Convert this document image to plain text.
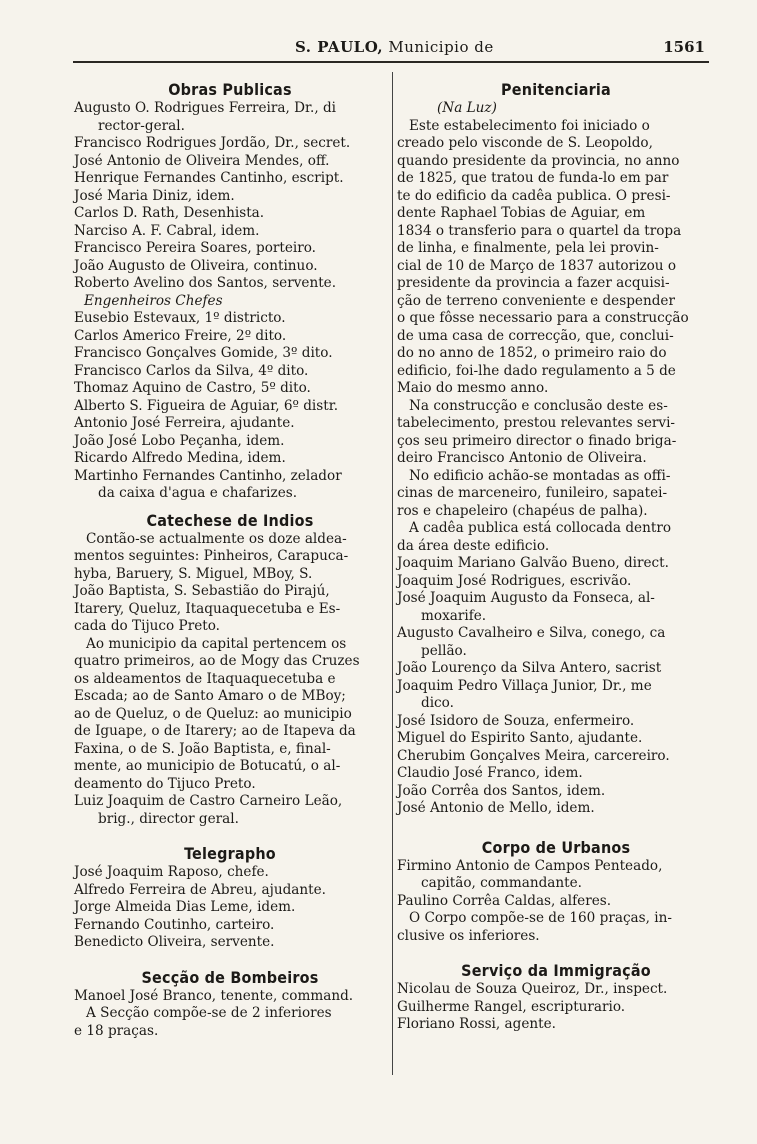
S. PAULO, Municipio de	1561
Obras Publicas
Augusto O. Rodrigues Ferreira, Dr., di
rector-geral.
Francisco Rodrigues Jordão, Dr., secret.
José Antonio de Oliveira Mendes, off.
Henrique Fernandes Cantinho, escript.
José Maria Diniz, idem.
Carlos D. Rath, Desenhista.
Narciso A. F. Cabral, idem.
Francisco Pereira Soares, porteiro.
João Augusto de Oliveira, continuo.
Roberto Avelino dos Santos, servente.
Engenheiros Chefes
Eusebio Estevaux, 1º districto.
Carlos Americo Freire, 2º dito.
Francisco Gonçalves Gomide, 3º dito.
Francisco Carlos da Silva, 4º dito.
Thomaz Aquino de Castro, 5º dito.
Alberto S. Figueira de Aguiar, 6º distr.
Antonio José Ferreira, ajudante.
João José Lobo Peçanha, idem.
Ricardo Alfredo Medina, idem.
Martinho Fernandes Cantinho, zelador
da caixa d'agua e chafarizes.
Catechese de Indios
Contão-se actualmente os doze aldea-
mentos seguintes: Pinheiros, Carapuca-
hyba, Baruery, S. Miguel, MBoy, S.
João Baptista, S. Sebastião do Pirajú,
Itarery, Queluz, Itaquaquecetuba e Es-
cada do Tijuco Preto.
Ao municipio da capital pertencem os
quatro primeiros, ao de Mogy das Cruzes
os aldeamentos de Itaquaquecetuba e
Escada; ao de Santo Amaro o de MBoy;
ao de Queluz, o de Queluz: ao municipio
de Iguape, o de Itarery; ao de Itapeva da
Faxina, o de S. João Baptista, e, final-
mente, ao municipio de Botucatú, o al-
deamento do Tijuco Preto.
Luiz Joaquim de Castro Carneiro Leão,
brig., director geral.
Telegrapho
José Joaquim Raposo, chefe.
Alfredo Ferreira de Abreu, ajudante.
Jorge Almeida Dias Leme, idem.
Fernando Coutinho, carteiro.
Benedicto Oliveira, servente.
Secção de Bombeiros
Manoel José Branco, tenente, command.
A Secção compõe-se de 2 inferiores
e 18 praças.
Penitenciaria
(Na Luz)
Este estabelecimento foi iniciado o
creado pelo visconde de S. Leopoldo,
quando presidente da provincia, no anno
de 1825, que tratou de funda-lo em par
te do edificio da cadêa publica. O presi-
dente Raphael Tobias de Aguiar, em
1834 o transferio para o quartel da tropa
de linha, e finalmente, pela lei provin-
cial de 10 de Março de 1837 autorizou o
presidente da provincia a fazer acquisi-
ção de terreno conveniente e despender
o que fôsse necessario para a construcção
de uma casa de correcção, que, conclui-
do no anno de 1852, o primeiro raio do
edificio, foi-lhe dado regulamento a 5 de
Maio do mesmo anno.
Na construcção e conclusão deste es-
tabelecimento, prestou relevantes servi-
ços seu primeiro director o finado briga-
deiro Francisco Antonio de Oliveira.
No edificio achão-se montadas as offi-
cinas de marceneiro, funileiro, sapatei-
ros e chapeleiro (chapéus de palha).
A cadêa publica está collocada dentro
da área deste edificio.
Joaquim Mariano Galvão Bueno, direct.
Joaquim José Rodrigues, escrivão.
José Joaquim Augusto da Fonseca, al-
moxarife.
Augusto Cavalheiro e Silva, conego, ca
pellão.
João Lourenço da Silva Antero, sacrist
Joaquim Pedro Villaça Junior, Dr., me
dico.
José Isidoro de Souza, enfermeiro.
Miguel do Espirito Santo, ajudante.
Cherubim Gonçalves Meira, carcereiro.
Claudio José Franco, idem.
João Corrêa dos Santos, idem.
José Antonio de Mello, idem.
Corpo de Urbanos
Firmino Antonio de Campos Penteado,
capitão, commandante.
Paulino Corrêa Caldas, alferes.
O Corpo compõe-se de 160 praças, in-
clusive os inferiores.
Serviço da Immigração
Nicolau de Souza Queiroz, Dr., inspect.
Guilherme Rangel, escripturario.
Floriano Rossi, agente.
